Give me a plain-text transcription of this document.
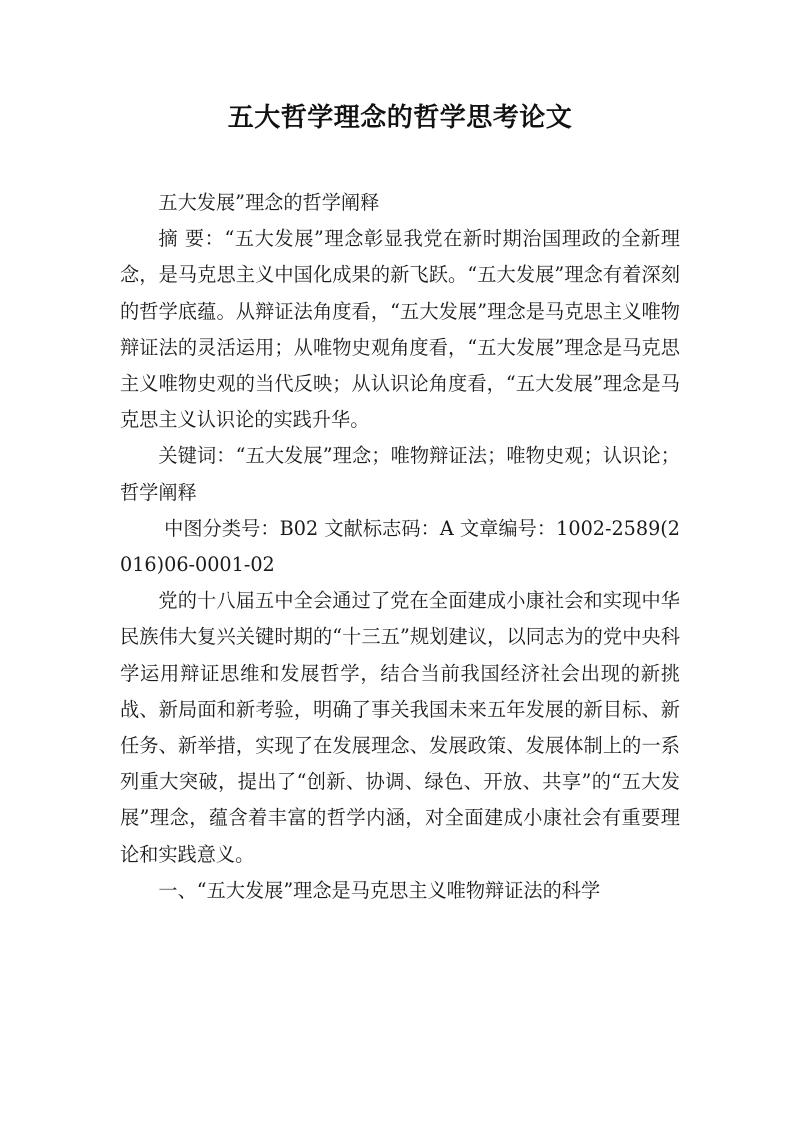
五大哲学理念的哲学思考论文

五大发展”理念的哲学阐释

摘 要：“五大发展”理念彰显我党在新时期治国理政的全新理念，是马克思主义中国化成果的新飞跃。“五大发展”理念有着深刻的哲学底蕴。从辩证法角度看，“五大发展”理念是马克思主义唯物辩证法的灵活运用；从唯物史观角度看，“五大发展”理念是马克思主义唯物史观的当代反映；从认识论角度看，“五大发展”理念是马克思主义认识论的实践升华。

关键词：“五大发展”理念；唯物辩证法；唯物史观；认识论；哲学阐释

中图分类号：B02 文献标志码：A 文章编号：1002-2589(2016)06-0001-02

党的十八届五中全会通过了党在全面建成小康社会和实现中华民族伟大复兴关键时期的“十三五”规划建议，以同志为的党中央科学运用辩证思维和发展哲学，结合当前我国经济社会出现的新挑战、新局面和新考验，明确了事关我国未来五年发展的新目标、新任务、新举措，实现了在发展理念、发展政策、发展体制上的一系列重大突破，提出了“创新、协调、绿色、开放、共享”的“五大发展”理念，蕴含着丰富的哲学内涵，对全面建成小康社会有重要理论和实践意义。

一、“五大发展”理念是马克思主义唯物辩证法的科学
